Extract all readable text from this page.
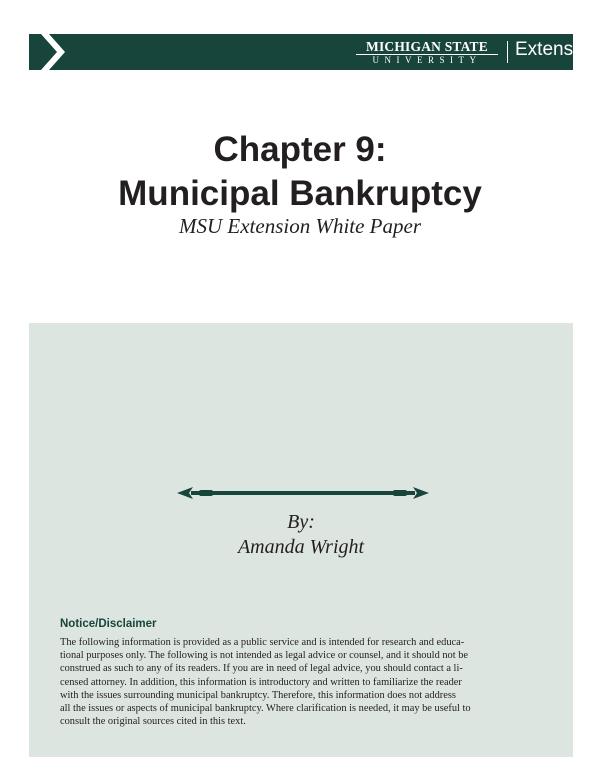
MICHIGAN STATE
UNIVERSITY	Extension
Chapter 9:
Municipal Bankruptcy
MSU Extension White Paper
By:
Amanda Wright
Notice/Disclaimer
The following information is provided as a public service and is intended for research and educa-
tional purposes only. The following is not intended as legal advice or counsel, and it should not be
construed as such to any of its readers. If you are in need of legal advice, you should contact a li-
censed attorney. In addition, this information is introductory and written to familiarize the reader
with the issues surrounding municipal bankruptcy. Therefore, this information does not address
all the issues or aspects of municipal bankruptcy. Where clarification is needed, it may be useful to
consult the original sources cited in this text.
